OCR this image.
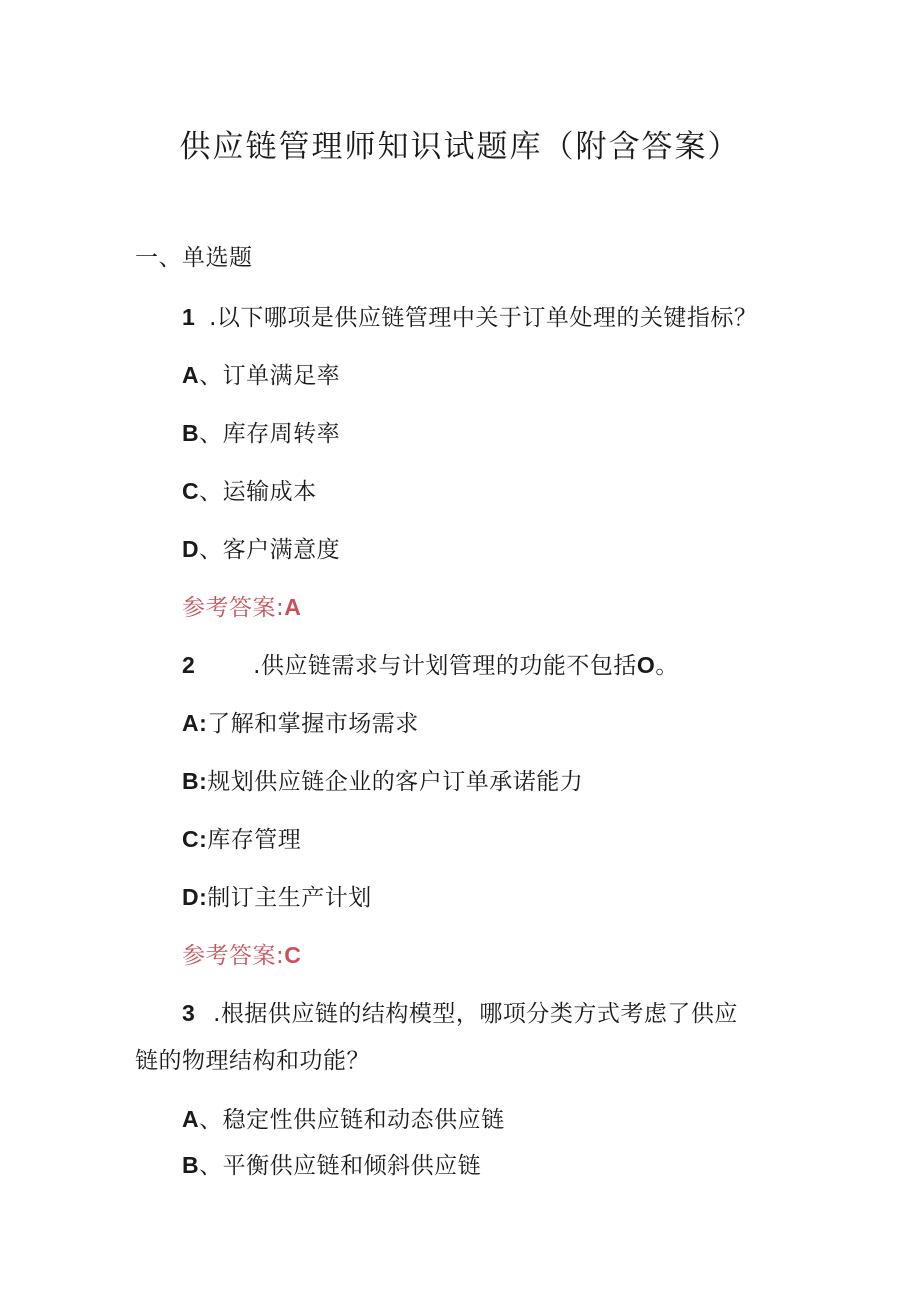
供应链管理师知识试题库（附含答案）
一、单选题
1 .以下哪项是供应链管理中关于订单处理的关键指标？
A、订单满足率
B、库存周转率
C、运输成本
D、客户满意度
参考答案:A
2	.供应链需求与计划管理的功能不包括O。
A:了解和掌握市场需求
B:规划供应链企业的客户订单承诺能力
C:库存管理
D:制订主生产计划
参考答案:C
3 .根据供应链的结构模型，哪项分类方式考虑了供应
链的物理结构和功能？
A、稳定性供应链和动态供应链
B、平衡供应链和倾斜供应链
